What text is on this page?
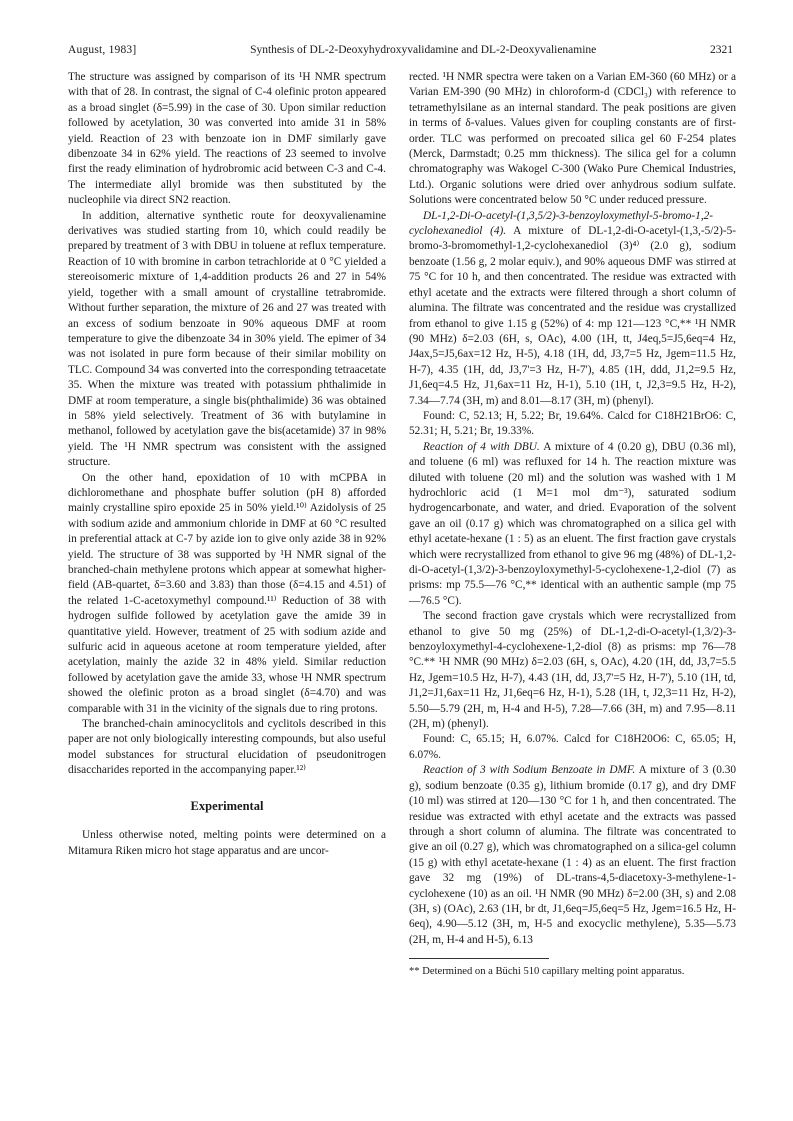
August, 1983]	Synthesis of DL-2-Deoxyhydroxyvalidamine and DL-2-Deoxyvalienamine	2321

The structure was assigned by comparison of its ¹H NMR spectrum with that of 28. In contrast, the signal of C-4 olefinic proton appeared as a broad singlet (δ=5.99) in the case of 30. Upon similar reduction followed by acetylation, 30 was converted into amide 31 in 58% yield. Reaction of 23 with benzoate ion in DMF similarly gave dibenzoate 34 in 62% yield. The reactions of 23 seemed to involve first the ready elimination of hydrobromic acid between C-3 and C-4. The intermediate allyl bromide was then substituted by the nucleophile via direct SN2 reaction.

In addition, alternative synthetic route for deoxyvalienamine derivatives was studied starting from 10, which could readily be prepared by treatment of 3 with DBU in toluene at reflux temperature. Reaction of 10 with bromine in carbon tetrachloride at 0 °C yielded a stereoisomeric mixture of 1,4-addition products 26 and 27 in 54% yield, together with a small amount of crystalline tetrabromide. Without further separation, the mixture of 26 and 27 was treated with an excess of sodium benzoate in 90% aqueous DMF at room temperature to give the dibenzoate 34 in 30% yield. The epimer of 34 was not isolated in pure form because of their similar mobility on TLC. Compound 34 was converted into the corresponding tetraacetate 35. When the mixture was treated with potassium phthalimide in DMF at room temperature, a single bis(phthalimide) 36 was obtained in 58% yield selectively. Treatment of 36 with butylamine in methanol, followed by acetylation gave the bis(acetamide) 37 in 98% yield. The ¹H NMR spectrum was consistent with the assigned structure.

On the other hand, epoxidation of 10 with mCPBA in dichloromethane and phosphate buffer solution (pH 8) afforded mainly crystalline spiro epoxide 25 in 50% yield.¹⁰⁾ Azidolysis of 25 with sodium azide and ammonium chloride in DMF at 60 °C resulted in preferential attack at C-7 by azide ion to give only azide 38 in 92% yield. The structure of 38 was supported by ¹H NMR signal of the branched-chain methylene protons which appear at somewhat higher-field (AB-quartet, δ=3.60 and 3.83) than those (δ=4.15 and 4.51) of the related 1-C-acetoxymethyl compound.¹¹⁾ Reduction of 38 with hydrogen sulfide followed by acetylation gave the amide 39 in quantitative yield. However, treatment of 25 with sodium azide and sulfuric acid in aqueous acetone at room temperature yielded, after acetylation, mainly the azide 32 in 48% yield. Similar reduction followed by acetylation gave the amide 33, whose ¹H NMR spectrum showed the olefinic proton as a broad singlet (δ=4.70) and was comparable with 31 in the vicinity of the signals due to ring protons.

The branched-chain aminocyclitols and cyclitols described in this paper are not only biologically interesting compounds, but also useful model substances for structural elucidation of pseudonitrogen disaccharides reported in the accompanying paper.¹²⁾

Experimental

Unless otherwise noted, melting points were determined on a Mitamura Riken micro hot stage apparatus and are uncor-

rected. ¹H NMR spectra were taken on a Varian EM-360 (60 MHz) or a Varian EM-390 (90 MHz) in chloroform-d (CDCl₃) with reference to tetramethylsilane as an internal standard. The peak positions are given in terms of δ-values. Values given for coupling constants are of first-order. TLC was performed on precoated silica gel 60 F-254 plates (Merck, Darmstadt; 0.25 mm thickness). The silica gel for a column chromatography was Wakogel C-300 (Wako Pure Chemical Industries, Ltd.). Organic solutions were dried over anhydrous sodium sulfate. Solutions were concentrated below 50 °C under reduced pressure.

DL-1,2-Di-O-acetyl-(1,3,5/2)-3-benzoyloxymethyl-5-bromo-1,2-cyclohexanediol (4). A mixture of DL-1,2-di-O-acetyl-(1,3,-5/2)-5-bromo-3-bromomethyl-1,2-cyclohexanediol (3)⁴⁾ (2.0 g), sodium benzoate (1.56 g, 2 molar equiv.), and 90% aqueous DMF was stirred at 75 °C for 10 h, and then concentrated. The residue was extracted with ethyl acetate and the extracts were filtered through a short column of alumina. The filtrate was concentrated and the residue was crystallized from ethanol to give 1.15 g (52%) of 4: mp 121—123 °C,** ¹H NMR (90 MHz) δ=2.03 (6H, s, OAc), 4.00 (1H, tt, J4eq,5=J5,6eq=4 Hz, J4ax,5=J5,6ax=12 Hz, H-5), 4.18 (1H, dd, J3,7=5 Hz, Jgem=11.5 Hz, H-7), 4.35 (1H, dd, J3,7'=3 Hz, H-7'), 4.85 (1H, ddd, J1,2=9.5 Hz, J1,6eq=4.5 Hz, J1,6ax=11 Hz, H-1), 5.10 (1H, t, J2,3=9.5 Hz, H-2), 7.34—7.74 (3H, m) and 8.01—8.17 (3H, m) (phenyl).

Found: C, 52.13; H, 5.22; Br, 19.64%. Calcd for C18H21BrO6: C, 52.31; H, 5.21; Br, 19.33%.

Reaction of 4 with DBU. A mixture of 4 (0.20 g), DBU (0.36 ml), and toluene (6 ml) was refluxed for 14 h. The reaction mixture was diluted with toluene (20 ml) and the solution was washed with 1 M hydrochloric acid (1 M=1 mol dm⁻³), saturated sodium hydrogencarbonate, and water, and dried. Evaporation of the solvent gave an oil (0.17 g) which was chromatographed on a silica gel with ethyl acetate-hexane (1 : 5) as an eluent. The first fraction gave crystals which were recrystallized from ethanol to give 96 mg (48%) of DL-1,2-di-O-acetyl-(1,3/2)-3-benzoyloxymethyl-5-cyclohexene-1,2-diol (7) as prisms: mp 75.5—76 °C,** identical with an authentic sample (mp 75—76.5 °C).

The second fraction gave crystals which were recrystallized from ethanol to give 50 mg (25%) of DL-1,2-di-O-acetyl-(1,3/2)-3-benzoyloxymethyl-4-cyclohexene-1,2-diol (8) as prisms: mp 76—78 °C.** ¹H NMR (90 MHz) δ=2.03 (6H, s, OAc), 4.20 (1H, dd, J3,7=5.5 Hz, Jgem=10.5 Hz, H-7), 4.43 (1H, dd, J3,7'=5 Hz, H-7'), 5.10 (1H, td, J1,2=J1,6ax=11 Hz, J1,6eq=6 Hz, H-1), 5.28 (1H, t, J2,3=11 Hz, H-2), 5.50—5.79 (2H, m, H-4 and H-5), 7.28—7.66 (3H, m) and 7.95—8.11 (2H, m) (phenyl).

Found: C, 65.15; H, 6.07%. Calcd for C18H20O6: C, 65.05; H, 6.07%.

Reaction of 3 with Sodium Benzoate in DMF. A mixture of 3 (0.30 g), sodium benzoate (0.35 g), lithium bromide (0.17 g), and dry DMF (10 ml) was stirred at 120—130 °C for 1 h, and then concentrated. The residue was extracted with ethyl acetate and the extracts was passed through a short column of alumina. The filtrate was concentrated to give an oil (0.27 g), which was chromatographed on a silica-gel column (15 g) with ethyl acetate-hexane (1 : 4) as an eluent. The first fraction gave 32 mg (19%) of DL-trans-4,5-diacetoxy-3-methylene-1-cyclohexene (10) as an oil. ¹H NMR (90 MHz) δ=2.00 (3H, s) and 2.08 (3H, s) (OAc), 2.63 (1H, br dt, J1,6eq=J5,6eq=5 Hz, Jgem=16.5 Hz, H-6eq), 4.90—5.12 (3H, m, H-5 and exocyclic methylene), 5.35—5.73 (2H, m, H-4 and H-5), 6.13

** Determined on a Büchi 510 capillary melting point apparatus.
